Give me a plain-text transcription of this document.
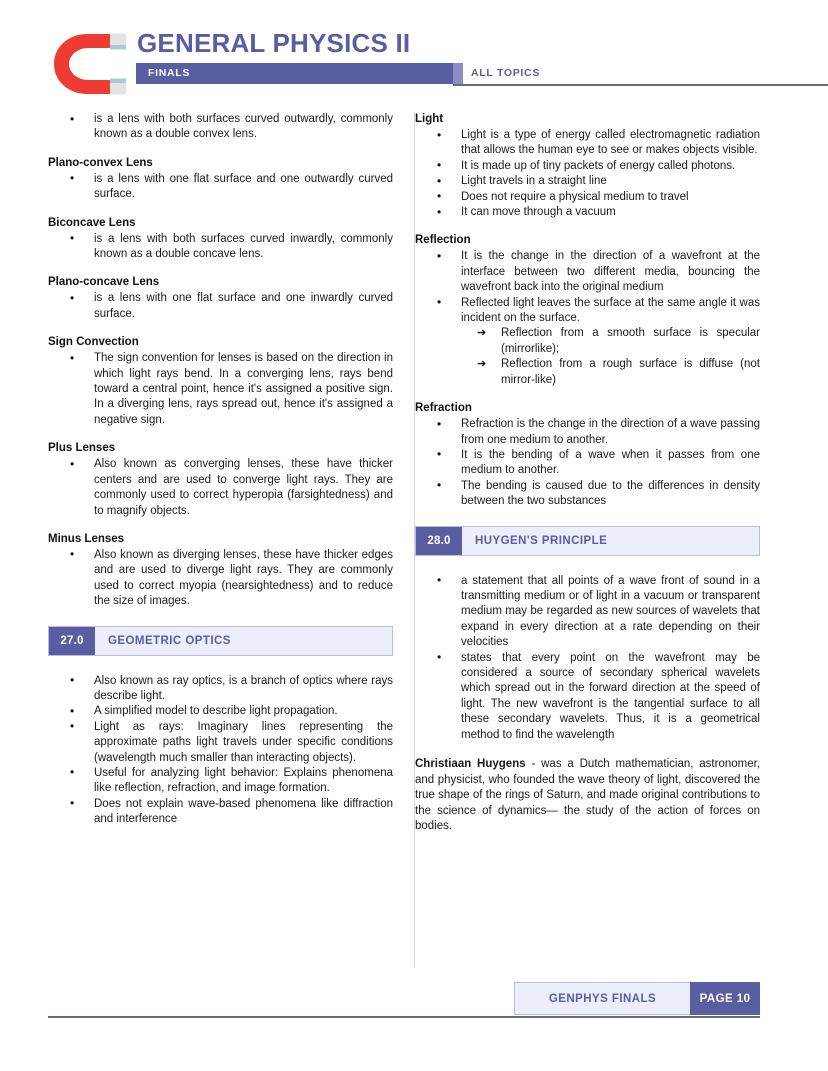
GENERAL PHYSICS II
FINALS	ALL TOPICS
• is a lens with both surfaces curved outwardly, commonly known as a double convex lens.
Plano-convex Lens
• is a lens with one flat surface and one outwardly curved surface.
Biconcave Lens
• is a lens with both surfaces curved inwardly, commonly known as a double concave lens.
Plano-concave Lens
• is a lens with one flat surface and one inwardly curved surface.
Sign Convection
• The sign convention for lenses is based on the direction in which light rays bend. In a converging lens, rays bend toward a central point, hence it's assigned a positive sign. In a diverging lens, rays spread out, hence it's assigned a negative sign.
Plus Lenses
• Also known as converging lenses, these have thicker centers and are used to converge light rays. They are commonly used to correct hyperopia (farsightedness) and to magnify objects.
Minus Lenses
• Also known as diverging lenses, these have thicker edges and are used to diverge light rays. They are commonly used to correct myopia (nearsightedness) and to reduce the size of images.
27.0	GEOMETRIC OPTICS
• Also known as ray optics, is a branch of optics where rays describe light.
• A simplified model to describe light propagation.
• Light as rays: Imaginary lines representing the approximate paths light travels under specific conditions (wavelength much smaller than interacting objects).
• Useful for analyzing light behavior: Explains phenomena like reflection, refraction, and image formation.
• Does not explain wave-based phenomena like diffraction and interference
Light
• Light is a type of energy called electromagnetic radiation that allows the human eye to see or makes objects visible.
• It is made up of tiny packets of energy called photons.
• Light travels in a straight line
• Does not require a physical medium to travel
• It can move through a vacuum
Reflection
• It is the change in the direction of a wavefront at the interface between two different media, bouncing the wavefront back into the original medium
• Reflected light leaves the surface at the same angle it was incident on the surface.
➔ Reflection from a smooth surface is specular (mirrorlike);
➔ Reflection from a rough surface is diffuse (not mirror-like)
Refraction
• Refraction is the change in the direction of a wave passing from one medium to another.
• It is the bending of a wave when it passes from one medium to another.
• The bending is caused due to the differences in density between the two substances
28.0	HUYGEN'S PRINCIPLE
• a statement that all points of a wave front of sound in a transmitting medium or of light in a vacuum or transparent medium may be regarded as new sources of wavelets that expand in every direction at a rate depending on their velocities
• states that every point on the wavefront may be considered a source of secondary spherical wavelets which spread out in the forward direction at the speed of light. The new wavefront is the tangential surface to all these secondary wavelets. Thus, it is a geometrical method to find the wavelength

Christiaan Huygens - was a Dutch mathematician, astronomer, and physicist, who founded the wave theory of light, discovered the true shape of the rings of Saturn, and made original contributions to the science of dynamics— the study of the action of forces on bodies.

GENPHYS FINALS	PAGE 10
